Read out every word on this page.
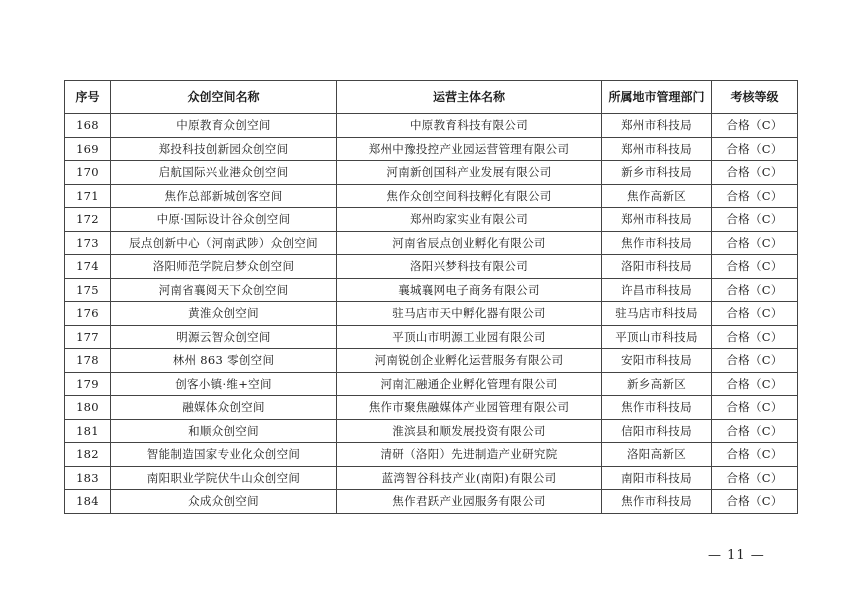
序号	众创空间名称	运营主体名称	所属地市管理部门	考核等级
168	中原教育众创空间	中原教育科技有限公司	郑州市科技局	合格（C）
169	郑投科技创新园众创空间	郑州中豫投控产业园运营管理有限公司	郑州市科技局	合格（C）
170	启航国际兴业港众创空间	河南新创国科产业发展有限公司	新乡市科技局	合格（C）
171	焦作总部新城创客空间	焦作众创空间科技孵化有限公司	焦作高新区	合格（C）
172	中原·国际设计谷众创空间	郑州昀家实业有限公司	郑州市科技局	合格（C）
173	辰点创新中心（河南武陟）众创空间	河南省辰点创业孵化有限公司	焦作市科技局	合格（C）
174	洛阳师范学院启梦众创空间	洛阳兴梦科技有限公司	洛阳市科技局	合格（C）
175	河南省襄阅天下众创空间	襄城襄网电子商务有限公司	许昌市科技局	合格（C）
176	黄淮众创空间	驻马店市天中孵化器有限公司	驻马店市科技局	合格（C）
177	明源云智众创空间	平顶山市明源工业园有限公司	平顶山市科技局	合格（C）
178	林州 863 零创空间	河南锐创企业孵化运营服务有限公司	安阳市科技局	合格（C）
179	创客小镇·维+空间	河南汇融通企业孵化管理有限公司	新乡高新区	合格（C）
180	融媒体众创空间	焦作市聚焦融媒体产业园管理有限公司	焦作市科技局	合格（C）
181	和顺众创空间	淮滨县和顺发展投资有限公司	信阳市科技局	合格（C）
182	智能制造国家专业化众创空间	清研（洛阳）先进制造产业研究院	洛阳高新区	合格（C）
183	南阳职业学院伏牛山众创空间	蓝湾智谷科技产业(南阳)有限公司	南阳市科技局	合格（C）
184	众成众创空间	焦作君跃产业园服务有限公司	焦作市科技局	合格（C）
— 11 —
